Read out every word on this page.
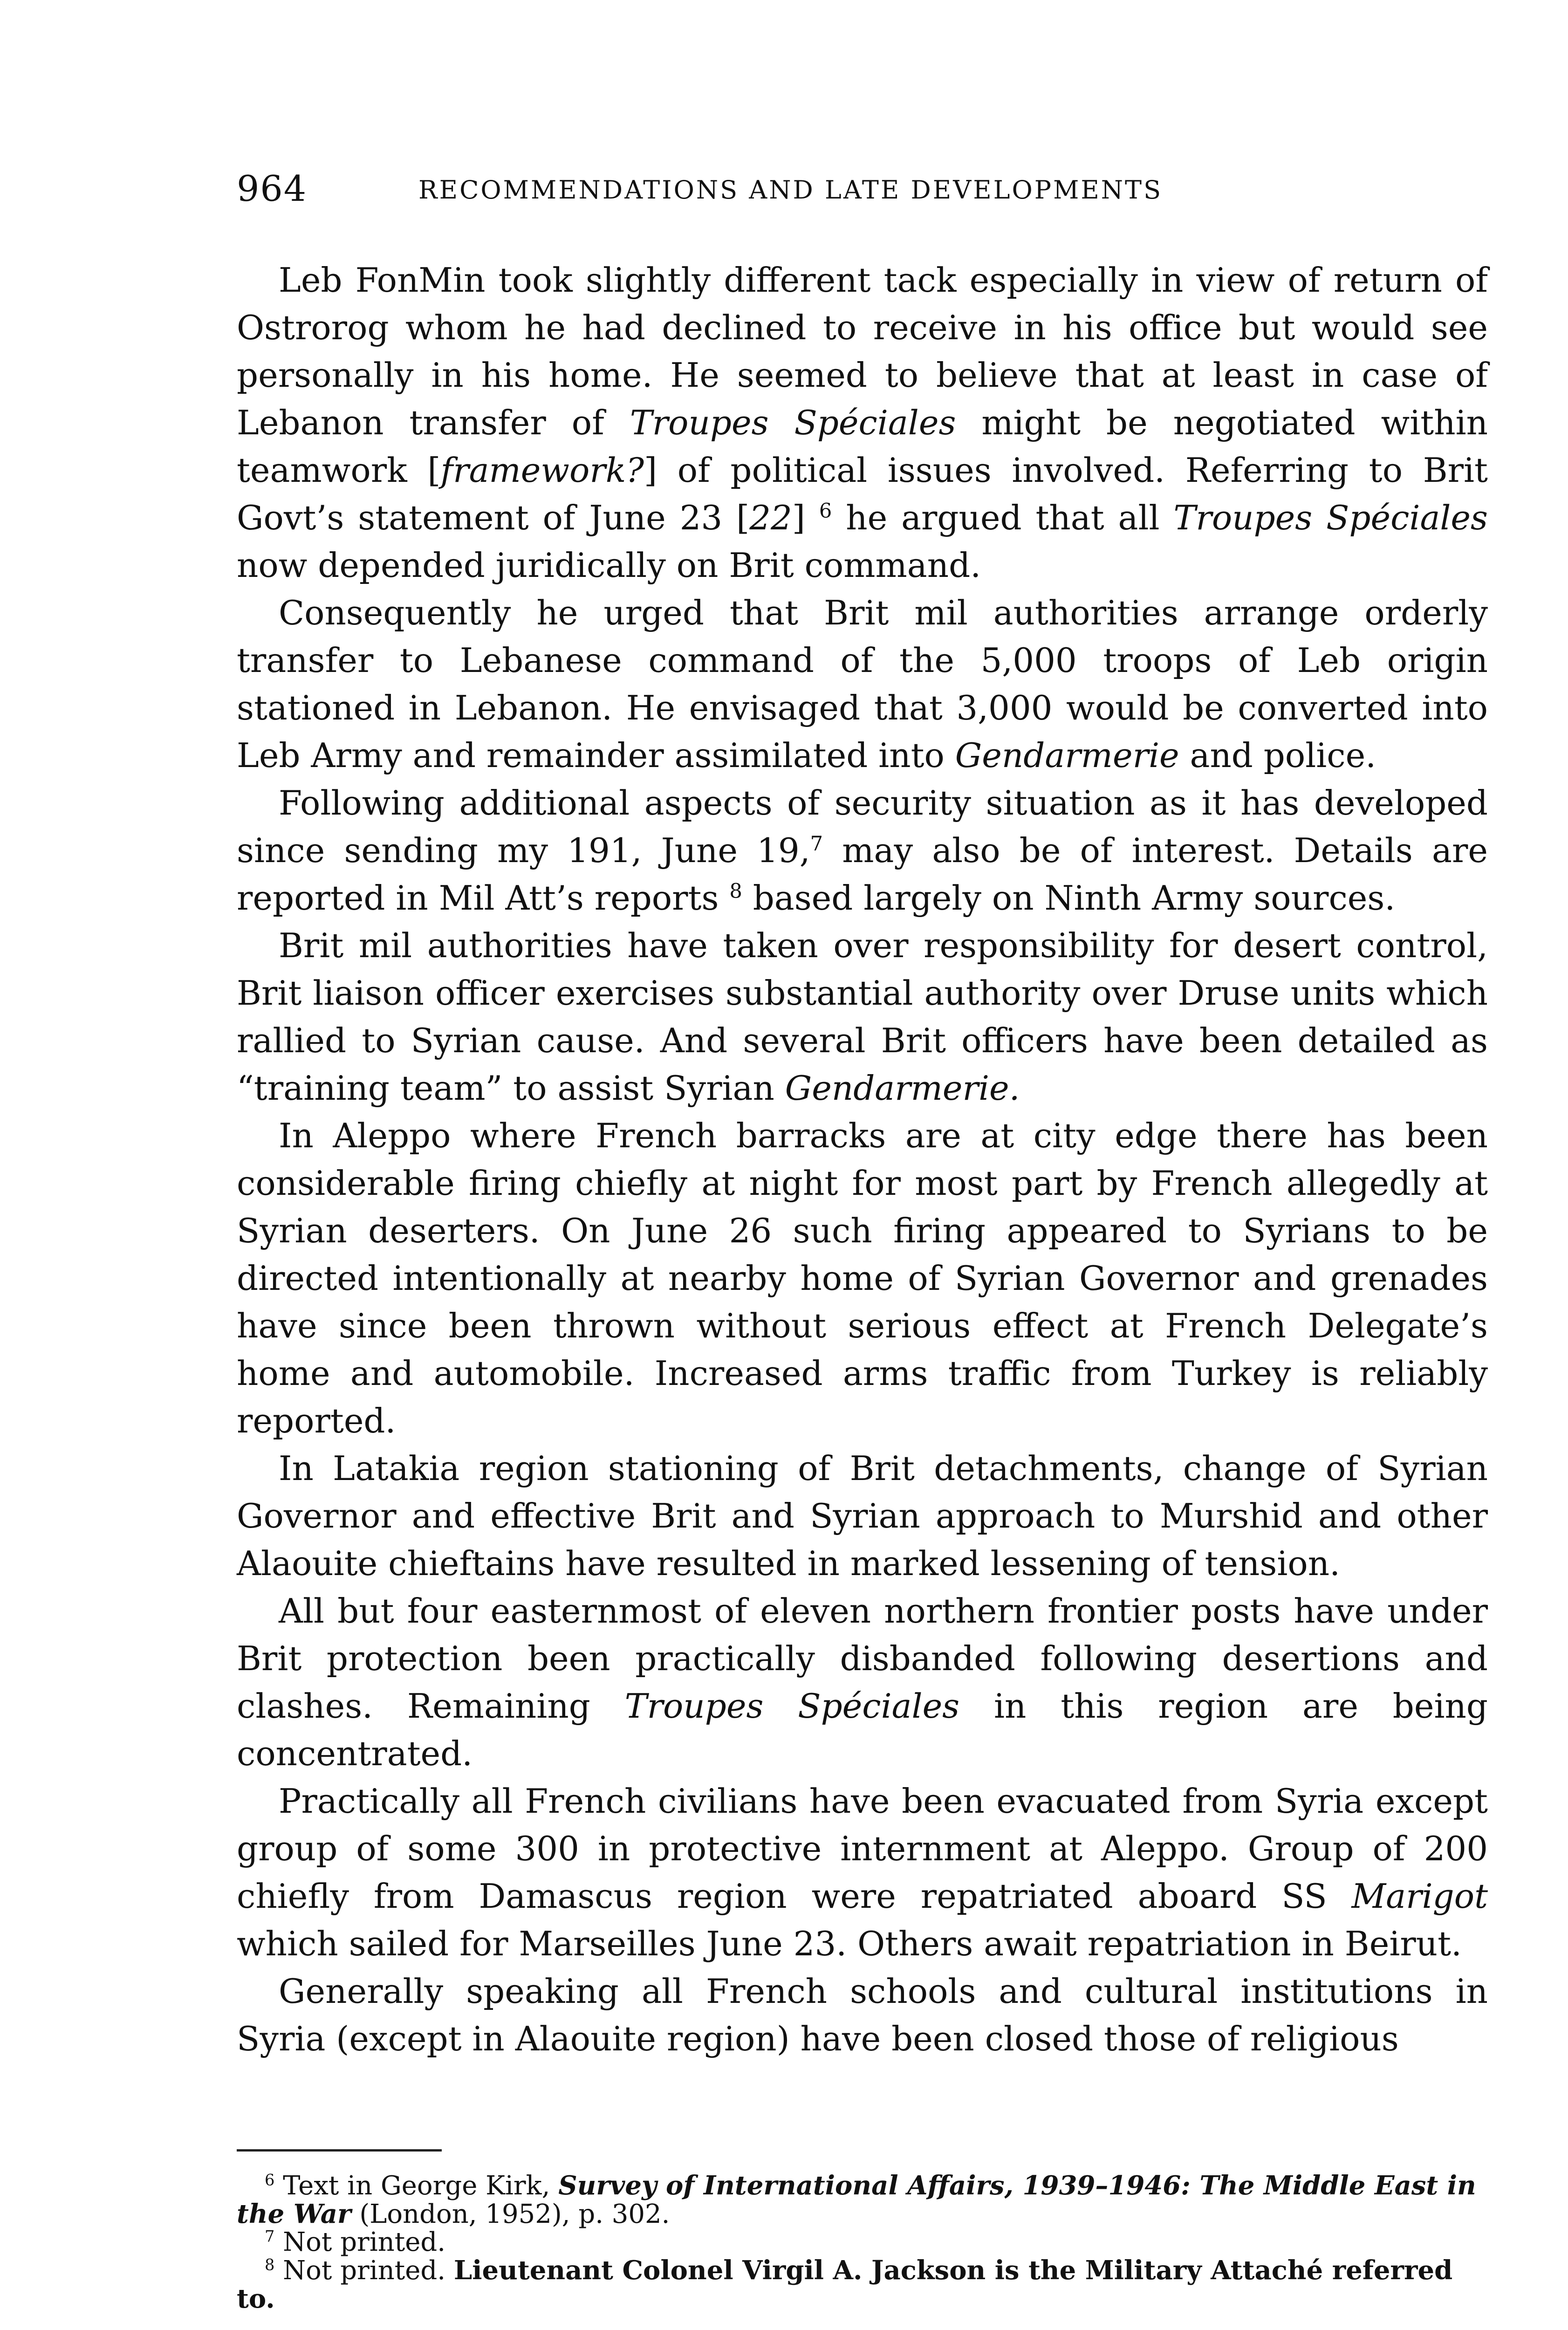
964	RECOMMENDATIONS AND LATE DEVELOPMENTS

Leb FonMin took slightly different tack especially in view of return of Ostrorog whom he had declined to receive in his office but would see personally in his home. He seemed to believe that at least in case of Lebanon transfer of Troupes Spéciales might be negotiated within teamwork [framework?] of political issues involved. Referring to Brit Govt’s statement of June 23 [22] $^6$ he argued that all Troupes Spéciales now depended juridically on Brit command.

Consequently he urged that Brit mil authorities arrange orderly transfer to Lebanese command of the 5,000 troops of Leb origin stationed in Lebanon. He envisaged that 3,000 would be converted into Leb Army and remainder assimilated into Gendarmerie and police.

Following additional aspects of security situation as it has developed since sending my 191, June 19,$^7$ may also be of interest. Details are reported in Mil Att’s reports $^8$ based largely on Ninth Army sources.

Brit mil authorities have taken over responsibility for desert control, Brit liaison officer exercises substantial authority over Druse units which rallied to Syrian cause. And several Brit officers have been detailed as “training team” to assist Syrian Gendarmerie.

In Aleppo where French barracks are at city edge there has been considerable firing chiefly at night for most part by French allegedly at Syrian deserters. On June 26 such firing appeared to Syrians to be directed intentionally at nearby home of Syrian Governor and grenades have since been thrown without serious effect at French Delegate’s home and automobile. Increased arms traffic from Turkey is reliably reported.

In Latakia region stationing of Brit detachments, change of Syrian Governor and effective Brit and Syrian approach to Murshid and other Alaouite chieftains have resulted in marked lessening of tension.

All but four easternmost of eleven northern frontier posts have under Brit protection been practically disbanded following desertions and clashes. Remaining Troupes Spéciales in this region are being concentrated.

Practically all French civilians have been evacuated from Syria except group of some 300 in protective internment at Aleppo. Group of 200 chiefly from Damascus region were repatriated aboard SS Marigot which sailed for Marseilles June 23. Others await repatriation in Beirut.

Generally speaking all French schools and cultural institutions in Syria (except in Alaouite region) have been closed those of religious

$^6$ Text in George Kirk, Survey of International Affairs, 1939–1946: The Middle East in the War (London, 1952), p. 302.

$^7$ Not printed.

$^8$ Not printed. Lieutenant Colonel Virgil A. Jackson is the Military Attaché referred to.
